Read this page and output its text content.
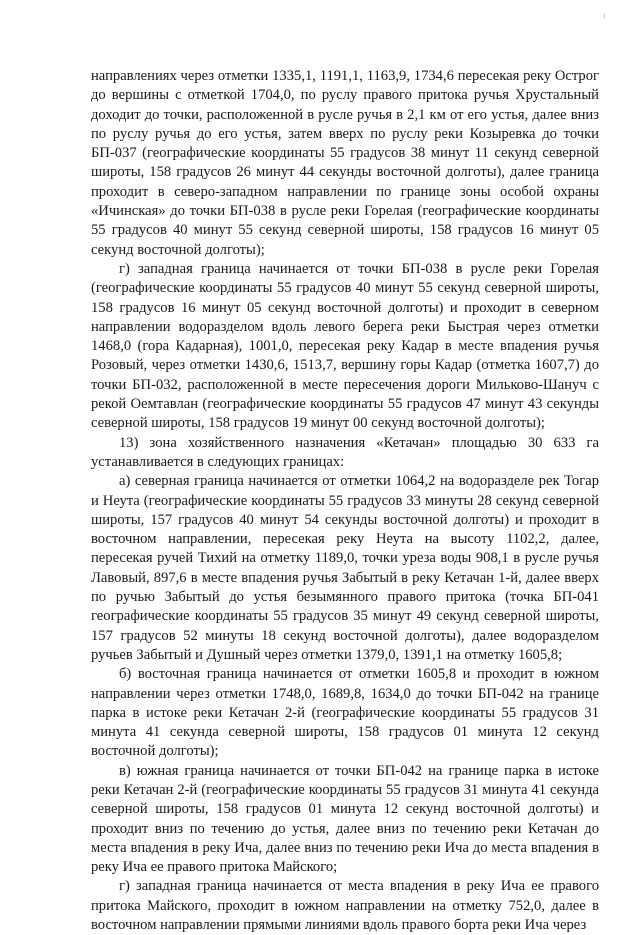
направлениях через отметки 1335,1, 1191,1, 1163,9, 1734,6 пересекая реку Острог до вершины с отметкой 1704,0, по руслу правого притока ручья Хрустальный доходит до точки, расположенной в русле ручья в 2,1 км от его устья, далее вниз по руслу ручья до его устья, затем вверх по руслу реки Козыревка до точки БП-037 (географические координаты 55 градусов 38 минут 11 секунд северной широты, 158 градусов 26 минут 44 секунды восточной долготы), далее граница проходит в северо-западном направлении по границе зоны особой охраны «Ичинская» до точки БП-038 в русле реки Горелая (географические координаты 55 градусов 40 минут 55 секунд северной широты, 158 градусов 16 минут 05 секунд восточной долготы);

г) западная граница начинается от точки БП-038 в русле реки Горелая (географические координаты 55 градусов 40 минут 55 секунд северной широты, 158 градусов 16 минут 05 секунд восточной долготы) и проходит в северном направлении водоразделом вдоль левого берега реки Быстрая через отметки 1468,0 (гора Кадарная), 1001,0, пересекая реку Кадар в месте впадения ручья Розовый, через отметки 1430,6, 1513,7, вершину горы Кадар (отметка 1607,7) до точки БП-032, расположенной в месте пересечения дороги Мильково-Шануч с рекой Оемтавлан (географические координаты 55 градусов 47 минут 43 секунды северной широты, 158 градусов 19 минут 00 секунд восточной долготы);

13) зона хозяйственного назначения «Кетачан» площадью 30 633 га устанавливается в следующих границах:

а) северная граница начинается от отметки 1064,2 на водоразделе рек Тогар и Неута (географические координаты 55 градусов 33 минуты 28 секунд северной широты, 157 градусов 40 минут 54 секунды восточной долготы) и проходит в восточном направлении, пересекая реку Неута на высоту 1102,2, далее, пересекая ручей Тихий на отметку 1189,0, точки уреза воды 908,1 в русле ручья Лавовый, 897,6 в месте впадения ручья Забытый в реку Кетачан 1-й, далее вверх по ручью Забытый до устья безымянного правого притока (точка БП-041 географические координаты 55 градусов 35 минут 49 секунд северной широты, 157 градусов 52 минуты 18 секунд восточной долготы), далее водоразделом ручьев Забытый и Душный через отметки 1379,0, 1391,1 на отметку 1605,8;

б) восточная граница начинается от отметки 1605,8 и проходит в южном направлении через отметки 1748,0, 1689,8, 1634,0 до точки БП-042 на границе парка в истоке реки Кетачан 2-й (географические координаты 55 градусов 31 минута 41 секунда северной широты, 158 градусов 01 минута 12 секунд восточной долготы);

в) южная граница начинается от точки БП-042 на границе парка в истоке реки Кетачан 2-й (географические координаты 55 градусов 31 минута 41 секунда северной широты, 158 градусов 01 минута 12 секунд восточной долготы) и проходит вниз по течению до устья, далее вниз по течению реки Кетачан до места впадения в реку Ича, далее вниз по течению реки Ича до места впадения в реку Ича ее правого притока Майского;

г) западная граница начинается от места впадения в реку Ича ее правого притока Майского, проходит в южном направлении на отметку 752,0, далее в восточном направлении прямыми линиями вдоль правого борта реки Ича через
